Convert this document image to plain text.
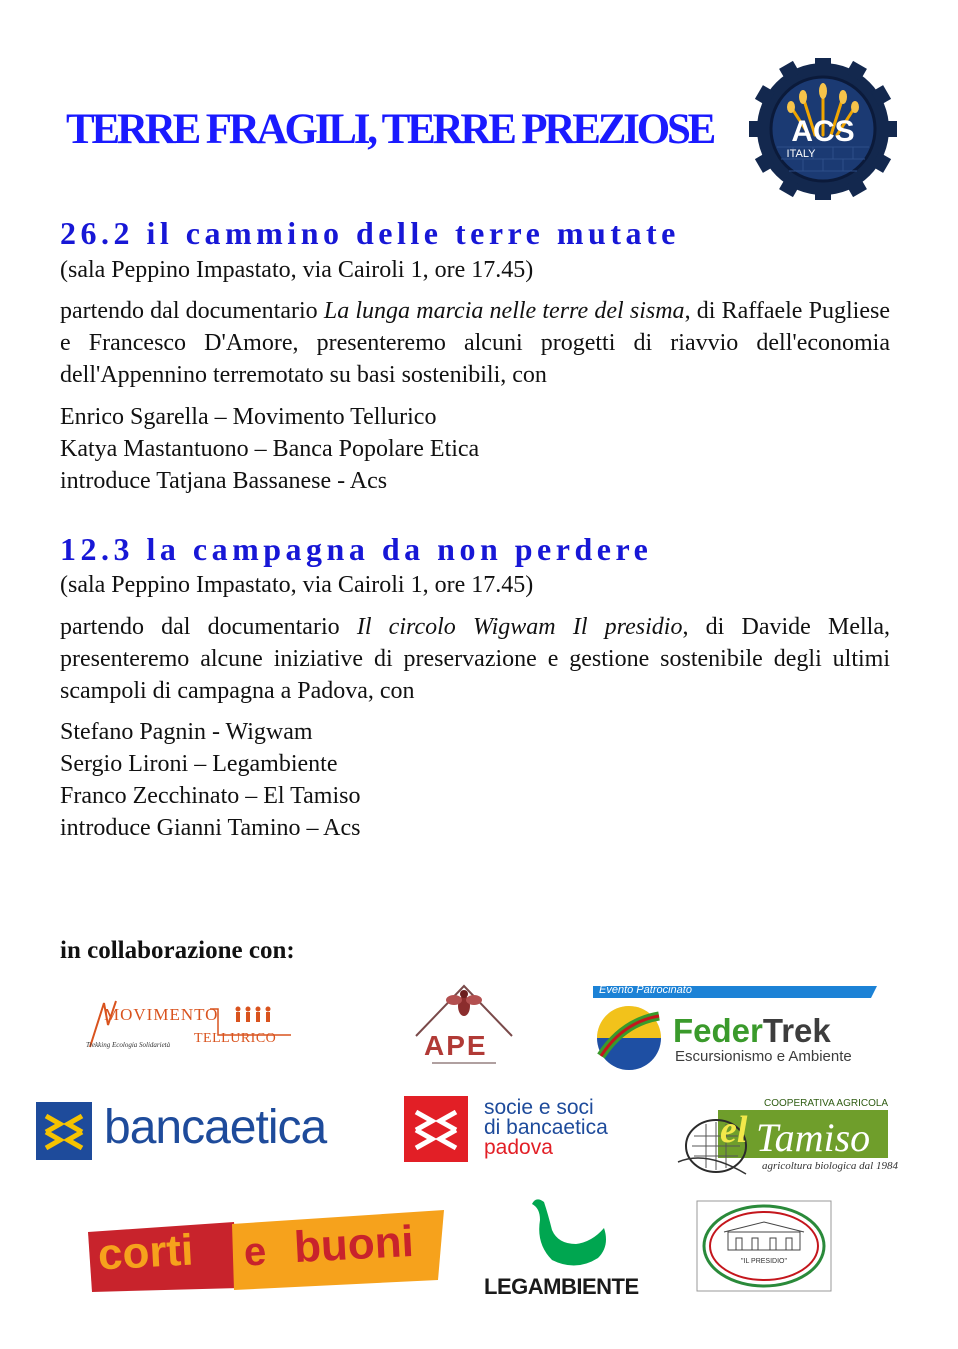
TERRE FRAGILI, TERRE PREZIOSE	ACS
ITALY
26.2 il cammino delle terre mutate
(sala Peppino Impastato, via Cairoli 1, ore 17.45)
partendo dal documentario La lunga marcia nelle terre del sisma, di Raffaele Pugliese e Francesco D'Amore, presenteremo alcuni progetti di riavvio dell'economia dell'Appennino terremotato su basi sostenibili, con
Enrico Sgarella – Movimento Tellurico
Katya Mastantuono – Banca Popolare Etica
introduce Tatjana Bassanese - Acs
12.3 la campagna da non perdere
(sala Peppino Impastato, via Cairoli 1, ore 17.45)
partendo dal documentario Il circolo Wigwam Il presidio, di Davide Mella, presenteremo alcune iniziative di preservazione e gestione sostenibile degli ultimi scampoli di campagna a Padova, con
Stefano Pagnin - Wigwam
Sergio Lironi – Legambiente
Franco Zecchinato – El Tamiso
introduce Gianni Tamino – Acs
in collaborazione con:
MOVIMENTO
TELLURICO
Trekking Ecologia Solidarietà	APE
Evento Patrocinato
FederTrek
Escursionismo e Ambiente
bancaetica	socie e soci
di bancaetica
padova
COOPERATIVA AGRICOLA
el Tamiso
agricoltura biologica dal 1984
corti e buoni
LEGAMBIENTE
"IL PRESIDIO"
